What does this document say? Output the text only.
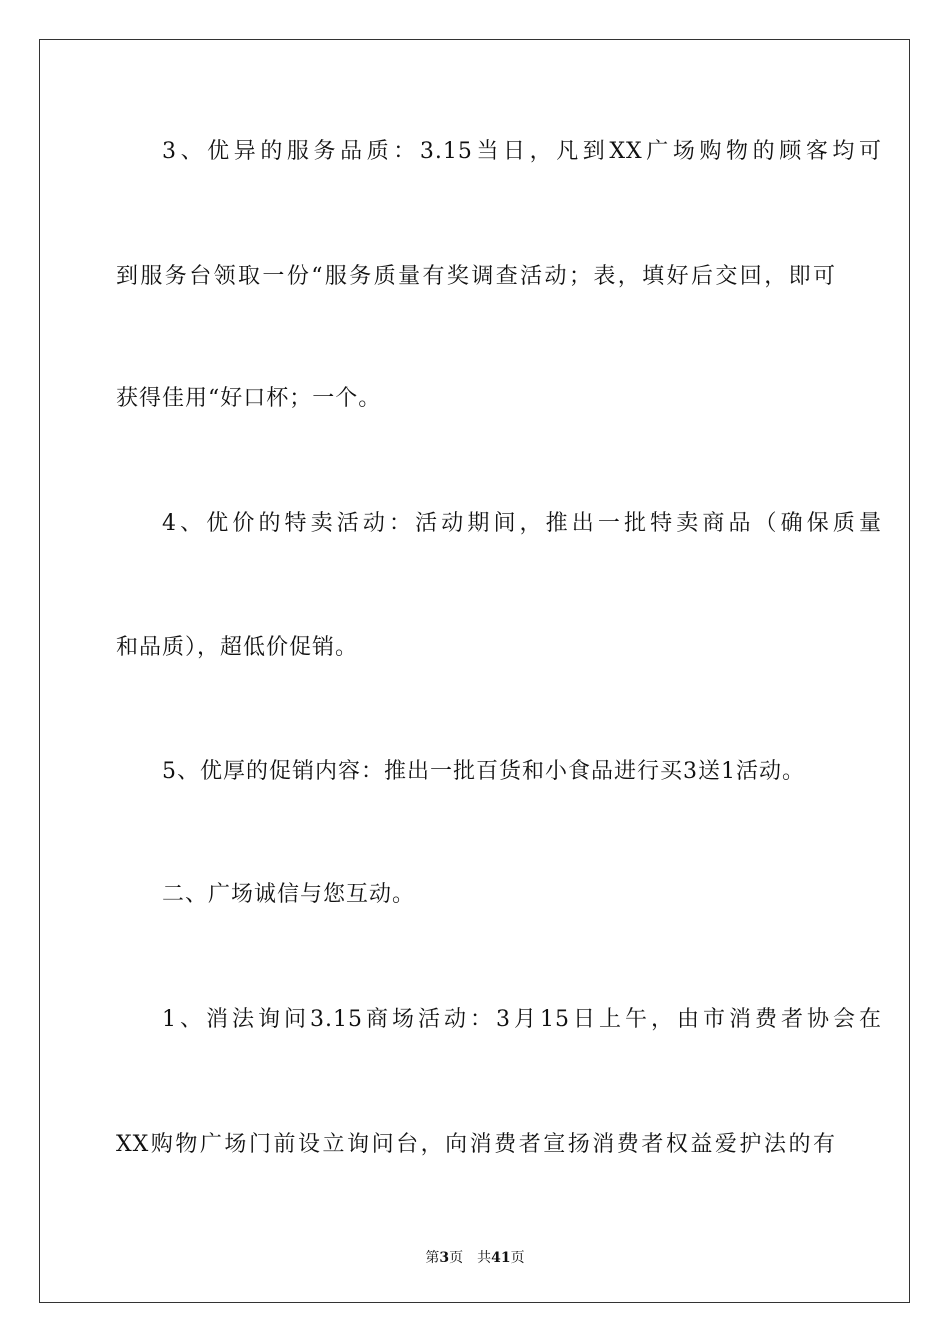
3、优异的服务品质：3.15当日，凡到XX广场购物的顾客均可
到服务台领取一份“服务质量有奖调查活动；表，填好后交回，即可
获得佳用“好口杯；一个。
4、优价的特卖活动：活动期间，推出一批特卖商品（确保质量
和品质），超低价促销。
5、优厚的促销内容：推出一批百货和小食品进行买3送1活动。
二、广场诚信与您互动。
1、消法询问3.15商场活动：3月15日上午，由市消费者协会在
XX购物广场门前设立询问台，向消费者宣扬消费者权益爱护法的有
第3页 共41页
